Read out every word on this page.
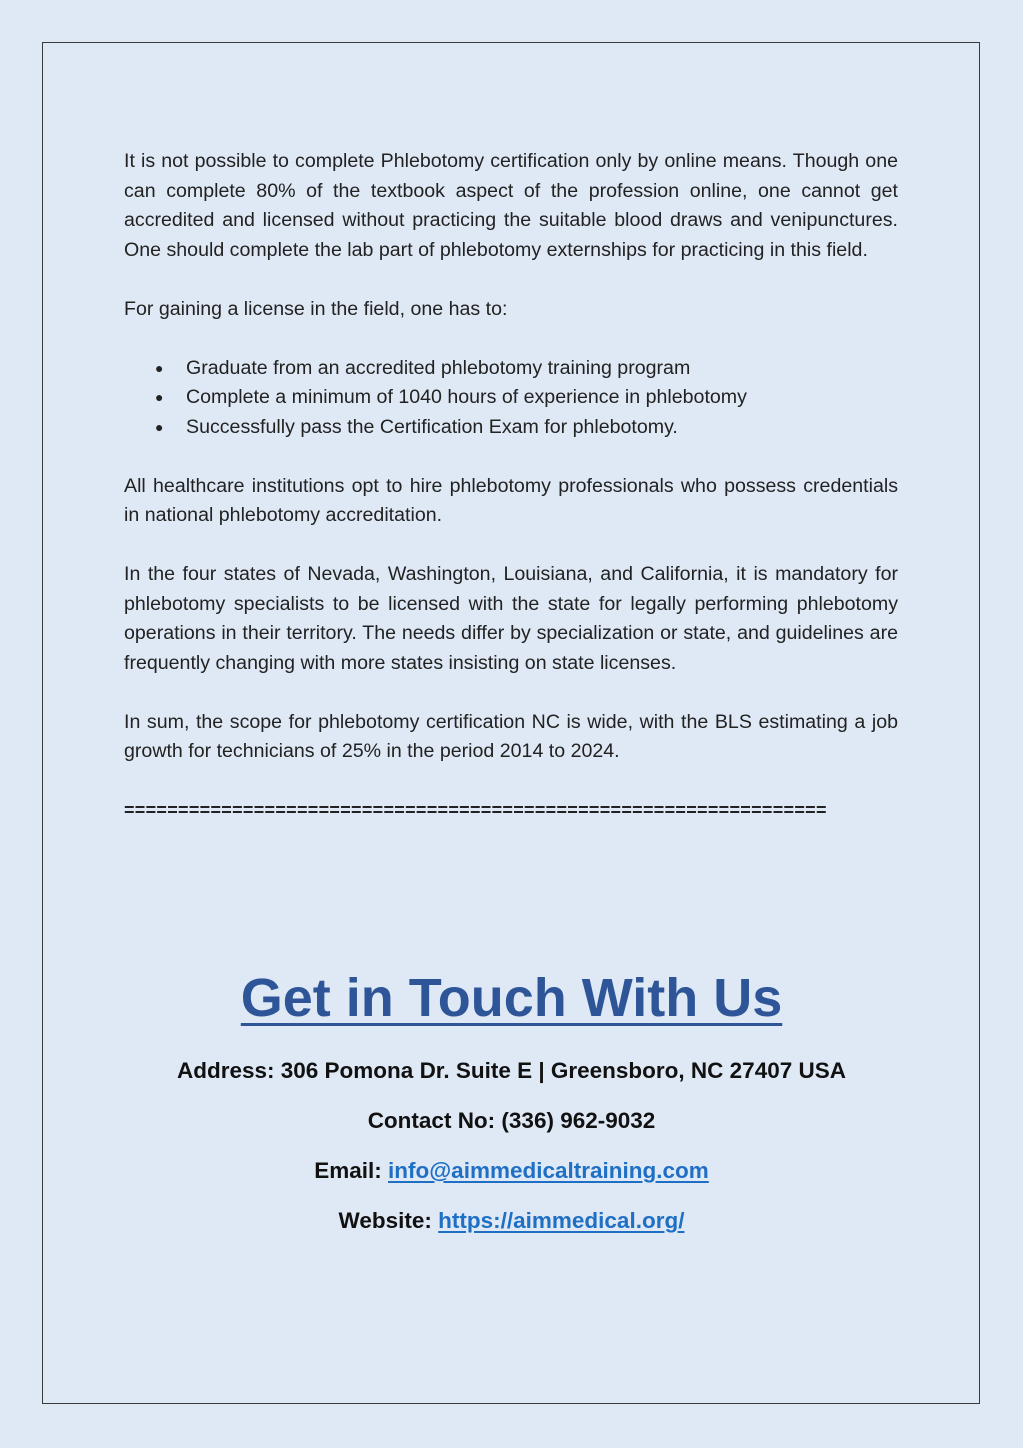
It is not possible to complete Phlebotomy certification only by online means. Though one can complete 80% of the textbook aspect of the profession online, one cannot get accredited and licensed without practicing the suitable blood draws and venipunctures. One should complete the lab part of phlebotomy externships for practicing in this field.

For gaining a license in the field, one has to:

● Graduate from an accredited phlebotomy training program
● Complete a minimum of 1040 hours of experience in phlebotomy
● Successfully pass the Certification Exam for phlebotomy.

All healthcare institutions opt to hire phlebotomy professionals who possess credentials in national phlebotomy accreditation.

In the four states of Nevada, Washington, Louisiana, and California, it is mandatory for phlebotomy specialists to be licensed with the state for legally performing phlebotomy operations in their territory. The needs differ by specialization or state, and guidelines are frequently changing with more states insisting on state licenses.

In sum, the scope for phlebotomy certification NC is wide, with the BLS estimating a job growth for technicians of 25% in the period 2014 to 2024.

=================================================================
Get in Touch With Us
Address: 306 Pomona Dr. Suite E | Greensboro, NC 27407 USA
Contact No: (336) 962-9032
Email: info@aimmedicaltraining.com
Website: https://aimmedical.org/
